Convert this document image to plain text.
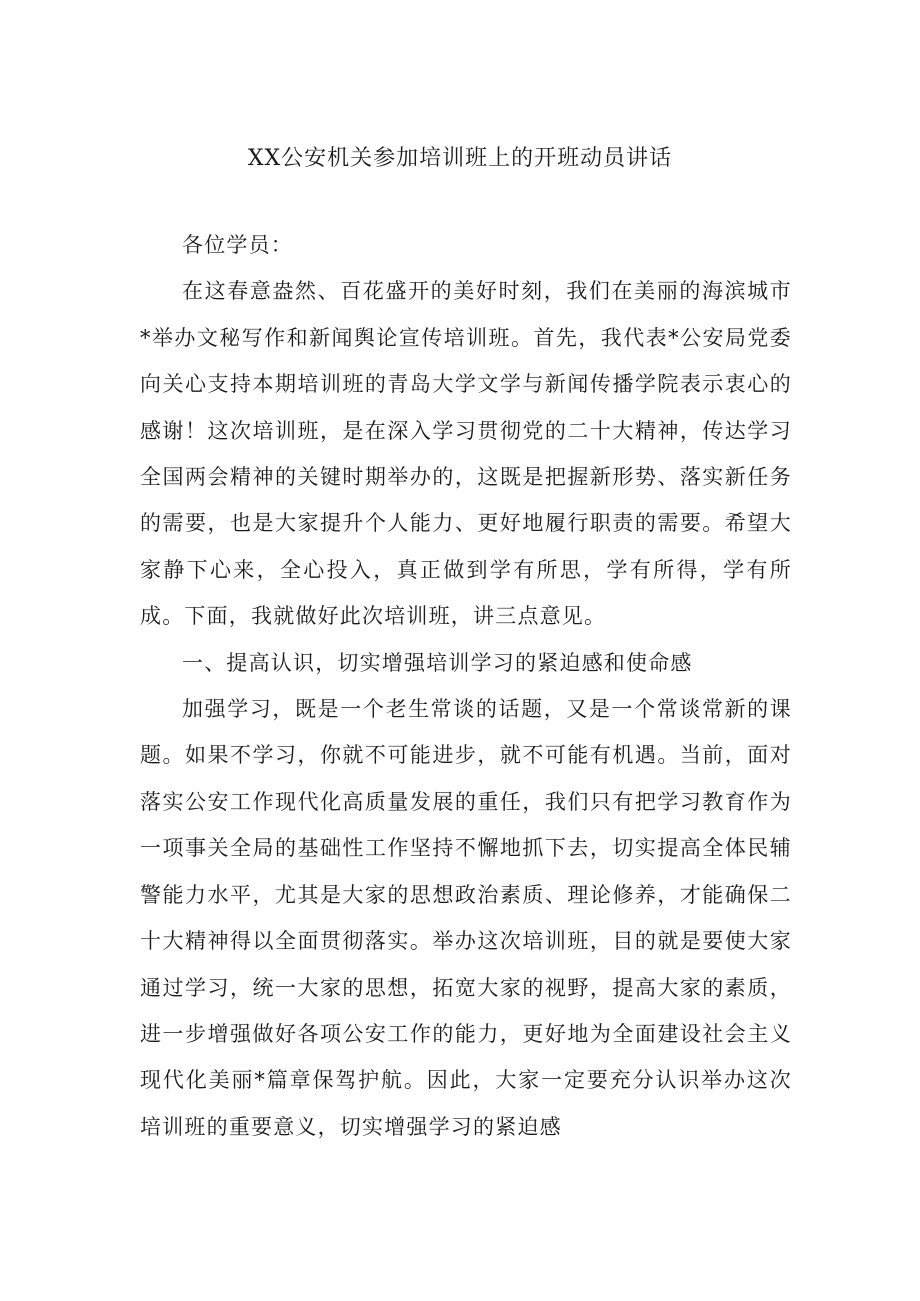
XX公安机关参加培训班上的开班动员讲话

各位学员：

在这春意盎然、百花盛开的美好时刻，我们在美丽的海滨城市*举办文秘写作和新闻舆论宣传培训班。首先，我代表*公安局党委向关心支持本期培训班的青岛大学文学与新闻传播学院表示衷心的感谢！这次培训班，是在深入学习贯彻党的二十大精神，传达学习全国两会精神的关键时期举办的，这既是把握新形势、落实新任务的需要，也是大家提升个人能力、更好地履行职责的需要。希望大家静下心来，全心投入，真正做到学有所思，学有所得，学有所成。下面，我就做好此次培训班，讲三点意见。

一、提高认识，切实增强培训学习的紧迫感和使命感

加强学习，既是一个老生常谈的话题，又是一个常谈常新的课题。如果不学习，你就不可能进步，就不可能有机遇。当前，面对落实公安工作现代化高质量发展的重任，我们只有把学习教育作为一项事关全局的基础性工作坚持不懈地抓下去，切实提高全体民辅警能力水平，尤其是大家的思想政治素质、理论修养，才能确保二十大精神得以全面贯彻落实。举办这次培训班，目的就是要使大家通过学习，统一大家的思想，拓宽大家的视野，提高大家的素质，进一步增强做好各项公安工作的能力，更好地为全面建设社会主义现代化美丽*篇章保驾护航。因此，大家一定要充分认识举办这次培训班的重要意义，切实增强学习的紧迫感
